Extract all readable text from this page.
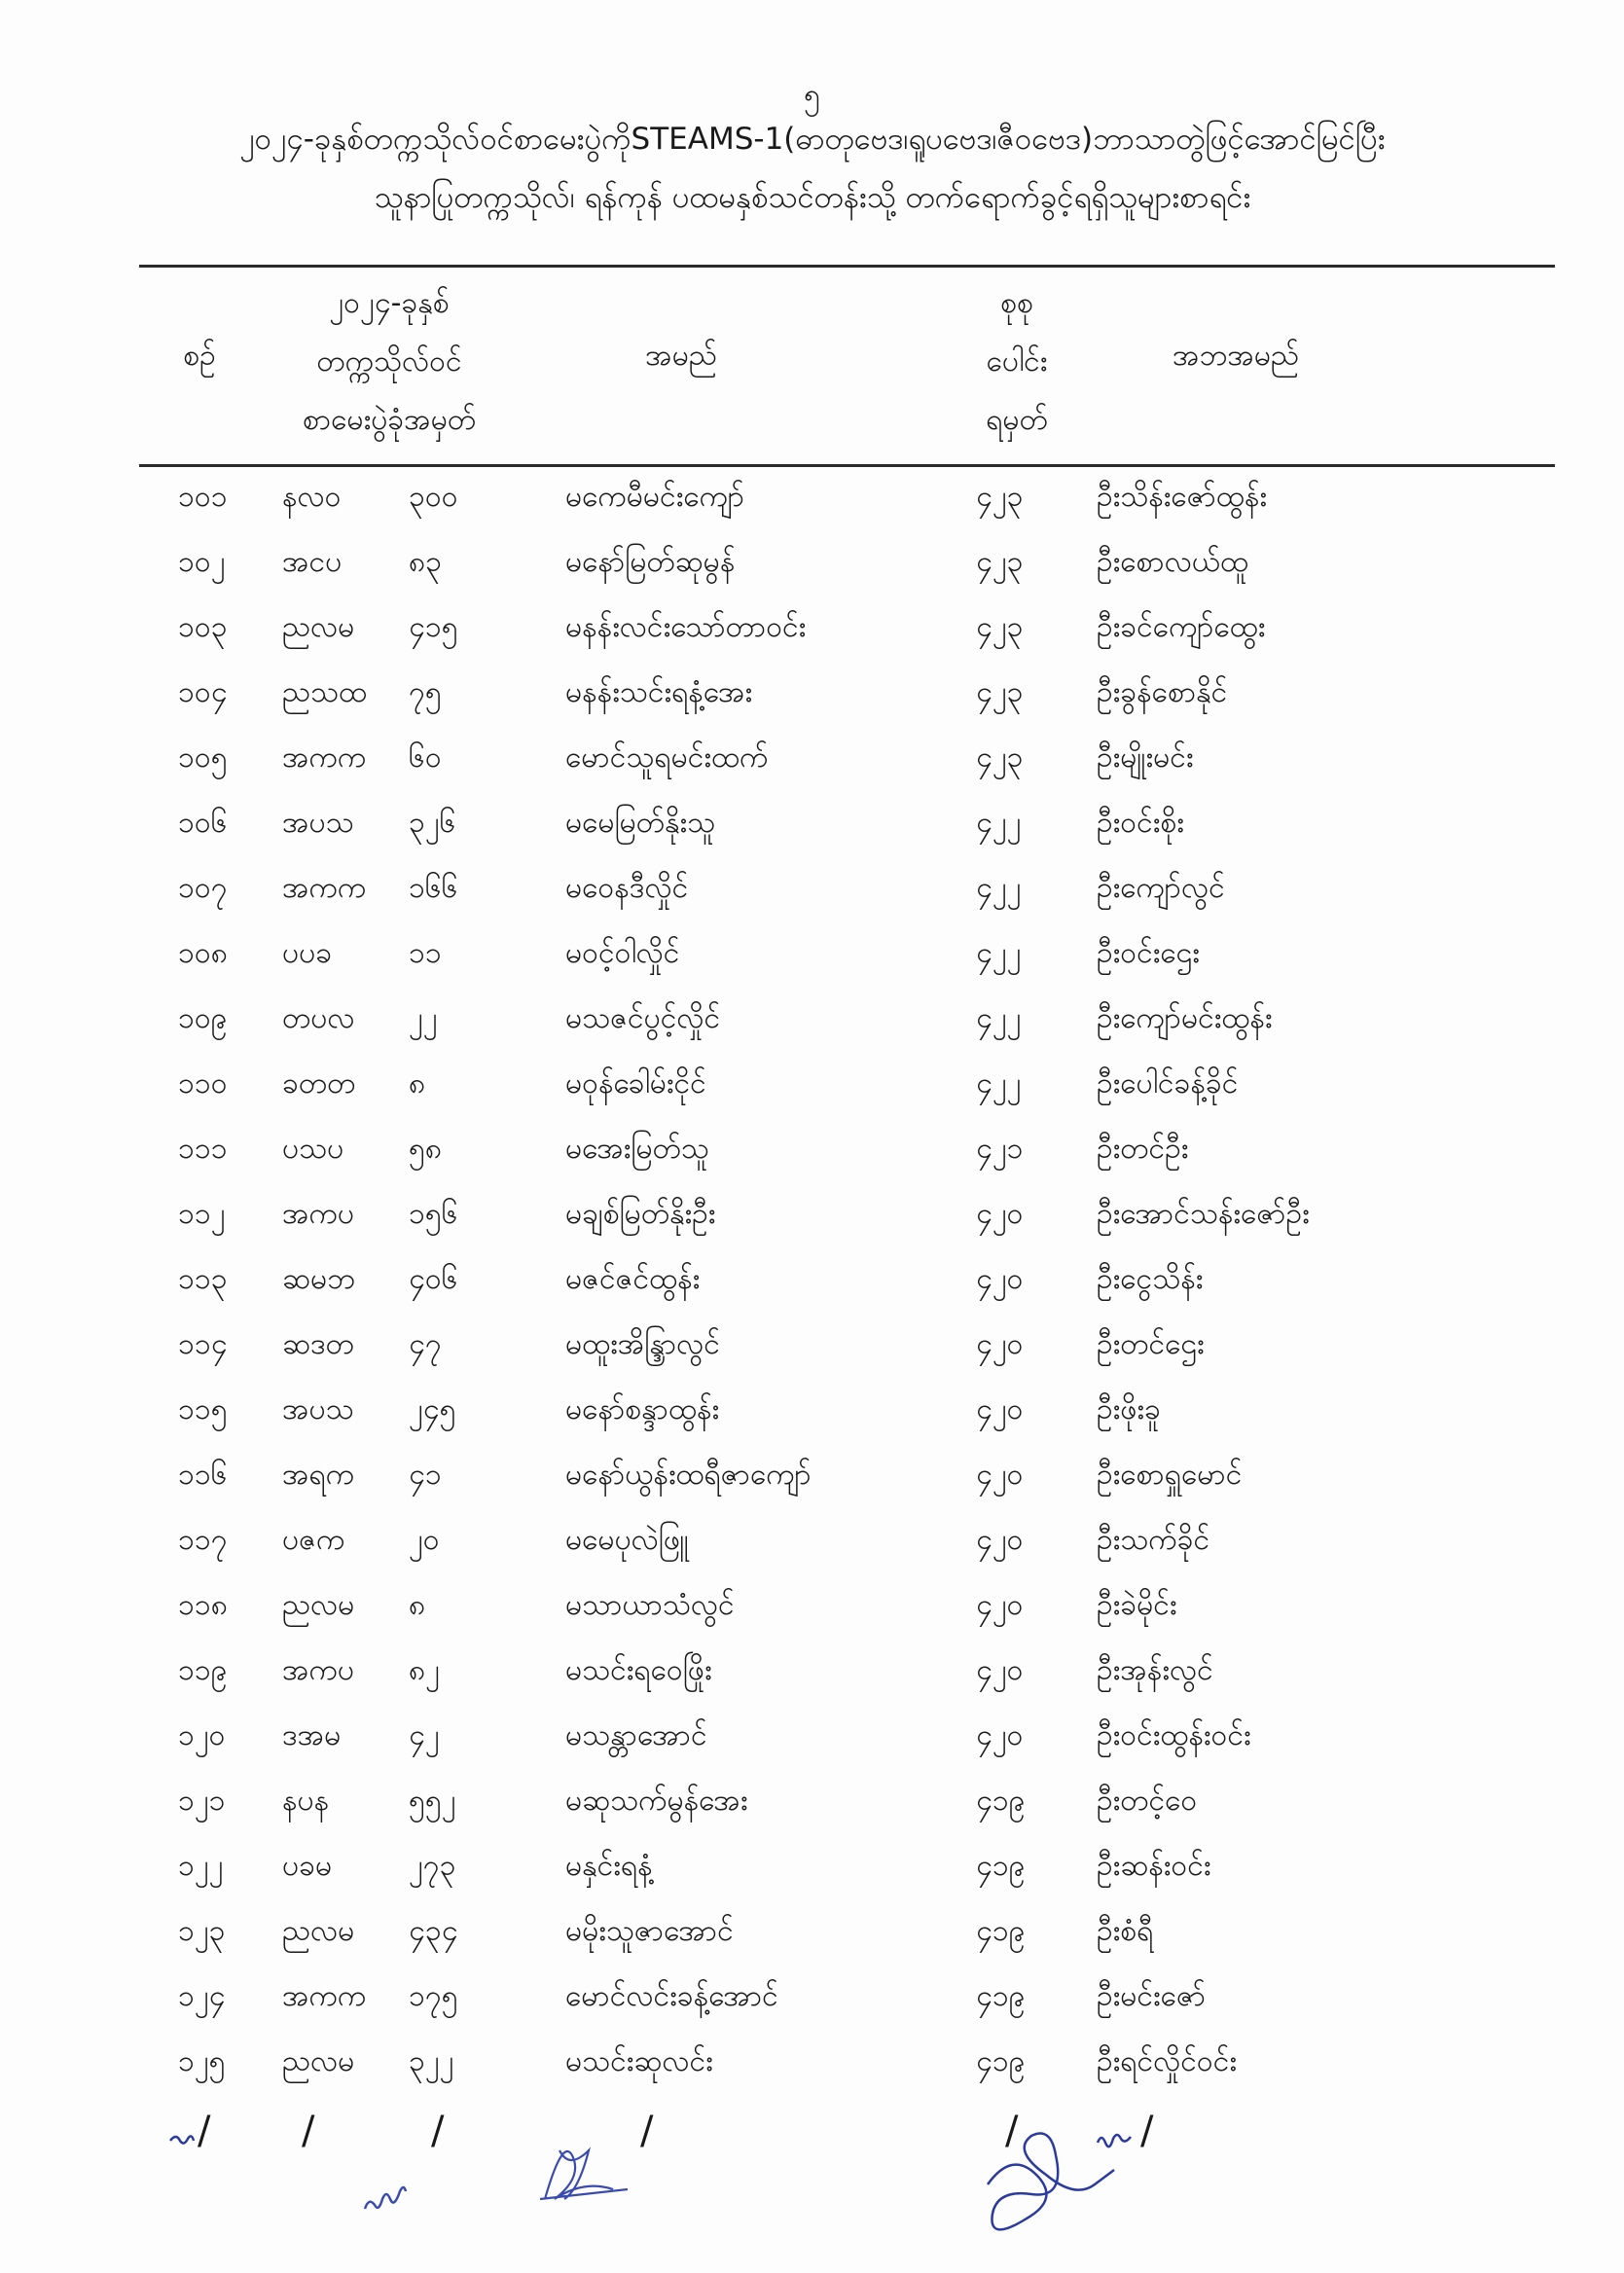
၅
၂၀၂၄-ခုနှစ်တက္ကသိုလ်ဝင်စာမေးပွဲကိုSTEAMS-1(ဓာတုဗေဒ၊ရူပဗေဒ၊ဇီဝဗေဒ)ဘာသာတွဲဖြင့်အောင်မြင်ပြီး
သူနာပြုတက္ကသိုလ်၊ ရန်ကုန် ပထမနှစ်သင်တန်းသို့ တက်ရောက်ခွင့်ရရှိသူများစာရင်း
စဉ်
၂၀၂၄-ခုနှစ်
တက္ကသိုလ်ဝင်
စာမေးပွဲခုံအမှတ်
အမည်
စုစု
ပေါင်း
ရမှတ်
အဘအမည်
၁၀၁ နလဝ ၃၀၀	မကေမီမင်းကျော်	၄၂၃	ဦးသိန်းဇော်ထွန်း
၁၀၂ အငပ ၈၃	မနော်မြတ်ဆုမွန်	၄၂၃	ဦးစောလယ်ထူ
၁၀၃ ညလမ ၄၁၅	မနန်းလင်းသော်တာဝင်း	၄၂၃	ဦးခင်ကျော်ထွေး
၁၀၄ ညသထ ၇၅	မနန်းသင်းရနံ့အေး	၄၂၃	ဦးခွန်စောနိုင်
၁၀၅ အကက ၆၀	မောင်သူရမင်းထက်	၄၂၃	ဦးမျိုးမင်း
၁၀၆ အပသ ၃၂၆	မမေမြတ်နိုးသူ	၄၂၂	ဦးဝင်းစိုး
၁၀၇ အကက ၁၆၆	မဝေနဒီလှိုင်	၄၂၂	ဦးကျော်လွင်
၁၀၈ ပပခ	၁၁	မဝင့်ဝါလှိုင်	၄၂၂	ဦးဝင်းဌေး
၁၀၉ တပလ ၂၂	မသဇင်ပွင့်လှိုင်	၄၂၂	ဦးကျော်မင်းထွန်း
၁၁၀ ခတတ ၈	မဝုန်ခေါမ်းငိုင်	၄၂၂	ဦးပေါင်ခန့်ခိုင်
၁၁၁ ပသပ ၅၈	မအေးမြတ်သူ	၄၂၁	ဦးတင်ဦး
၁၁၂ အကပ ၁၅၆	မချစ်မြတ်နိုးဦး	၄၂၀	ဦးအောင်သန်းဇော်ဦး
၁၁၃ ဆမဘ ၄၀၆	မဇင်ဇင်ထွန်း	၄၂၀	ဦးငွေသိန်း
၁၁၄ ဆဒတ ၄၇	မထူးအိန္ဒြာလွင်	၄၂၀	ဦးတင်ဌေး
၁၁၅ အပသ ၂၄၅	မနော်စန္ဒာထွန်း	၄၂၀	ဦးဖိုးခူ
၁၁၆ အရက ၄၁	မနော်ယွန်းထရီဇာကျော်	၄၂၀	ဦးစောရှူမောင်
၁၁၇ ပဇက ၂၀	မမေပုလဲဖြူ	၄၂၀	ဦးသက်ခိုင်
၁၁၈ ညလမ ၈	မသာယာသံလွင်	၄၂၀	ဦးခဲမိုင်း
၁၁၉ အကပ ၈၂	မသင်းရဝေဖြိုး	၄၂၀	ဦးအုန်းလွင်
၁၂၀ ဒအမ ၄၂	မသန္တာအောင်	၄၂၀	ဦးဝင်းထွန်းဝင်း
၁၂၁ နပန	၅၅၂	မဆုသက်မွန်အေး	၄၁၉ ဦးတင့်ဝေ
၁၂၂ ပခမ	၂၇၃	မနှင်းရနံ့	၄၁၉ ဦးဆန်းဝင်း
၁၂၃ ညလမ ၄၃၄	မမိုးသူဇာအောင်	၄၁၉ ဦးစံရီ
၁၂၄ အကက ၁၇၅	မောင်လင်းခန့်အောင်	၄၁၉ ဦးမင်းဇော်
၁၂၅ ညလမ ၃၂၂	မသင်းဆုလင်း	၄၁၉ ဦးရင်လှိုင်ဝင်း
/ /	/	/	/	/
